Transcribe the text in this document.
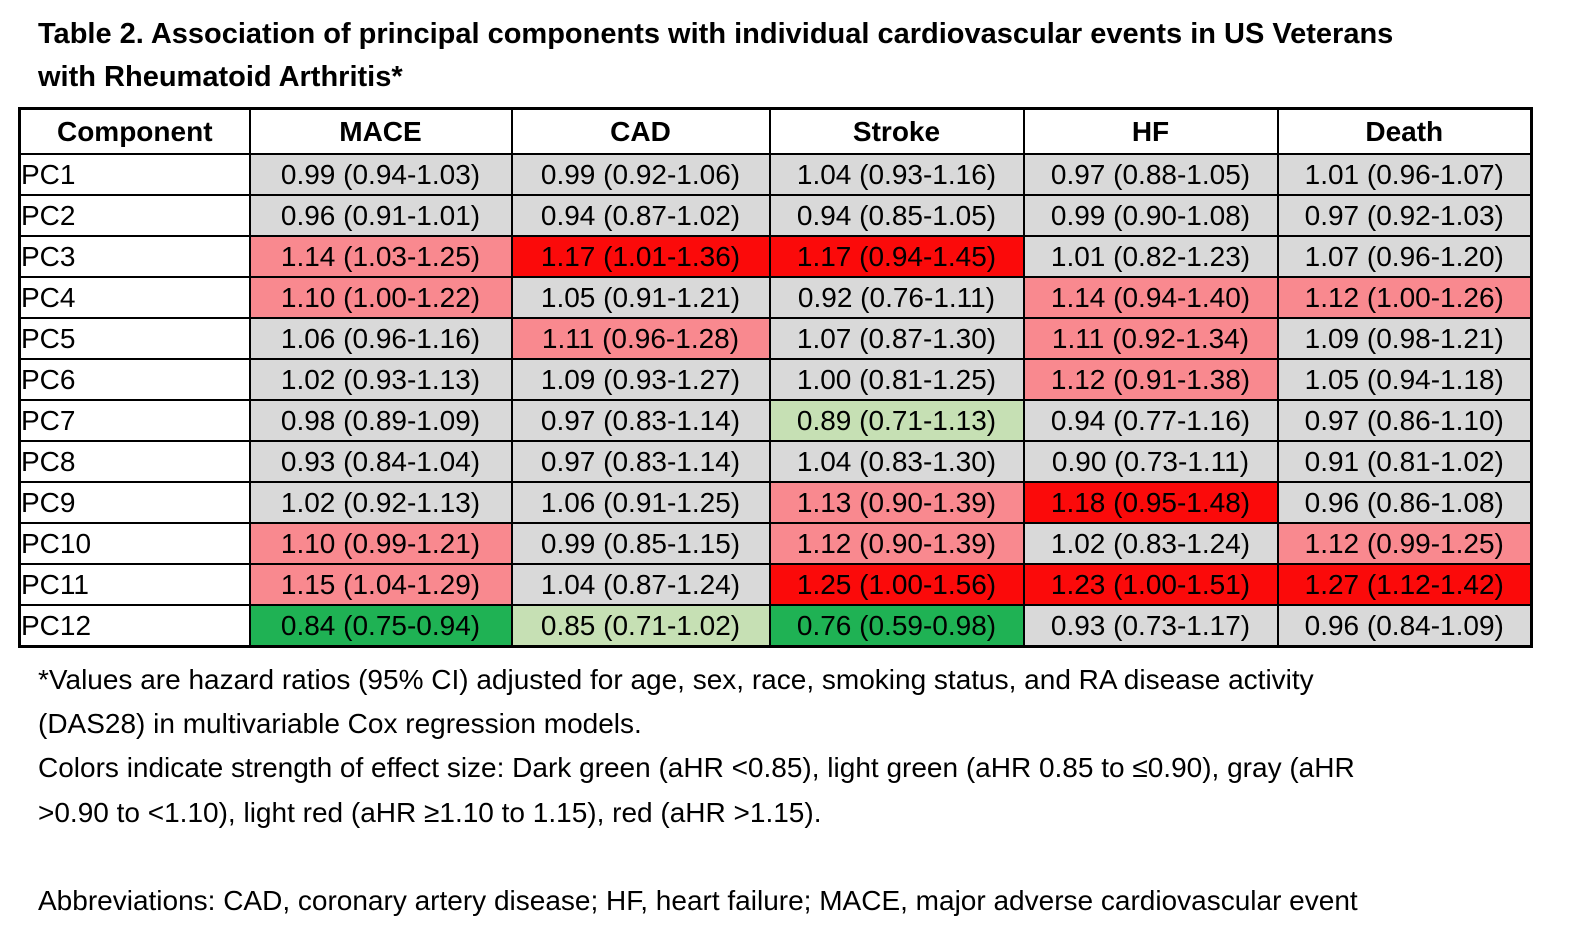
Table 2. Association of principal components with individual cardiovascular events in US Veterans
with Rheumatoid Arthritis*
Component	MACE	CAD	Stroke	HF	Death
PC1	0.99 (0.94-1.03)	0.99 (0.92-1.06)	1.04 (0.93-1.16)	0.97 (0.88-1.05)	1.01 (0.96-1.07)
PC2	0.96 (0.91-1.01)	0.94 (0.87-1.02)	0.94 (0.85-1.05)	0.99 (0.90-1.08)	0.97 (0.92-1.03)
PC3	1.14 (1.03-1.25)	1.17 (1.01-1.36)	1.17 (0.94-1.45)	1.01 (0.82-1.23)	1.07 (0.96-1.20)
PC4	1.10 (1.00-1.22)	1.05 (0.91-1.21)	0.92 (0.76-1.11)	1.14 (0.94-1.40)	1.12 (1.00-1.26)
PC5	1.06 (0.96-1.16)	1.11 (0.96-1.28)	1.07 (0.87-1.30)	1.11 (0.92-1.34)	1.09 (0.98-1.21)
PC6	1.02 (0.93-1.13)	1.09 (0.93-1.27)	1.00 (0.81-1.25)	1.12 (0.91-1.38)	1.05 (0.94-1.18)
PC7	0.98 (0.89-1.09)	0.97 (0.83-1.14)	0.89 (0.71-1.13)	0.94 (0.77-1.16)	0.97 (0.86-1.10)
PC8	0.93 (0.84-1.04)	0.97 (0.83-1.14)	1.04 (0.83-1.30)	0.90 (0.73-1.11)	0.91 (0.81-1.02)
PC9	1.02 (0.92-1.13)	1.06 (0.91-1.25)	1.13 (0.90-1.39)	1.18 (0.95-1.48)	0.96 (0.86-1.08)
PC10	1.10 (0.99-1.21)	0.99 (0.85-1.15)	1.12 (0.90-1.39)	1.02 (0.83-1.24)	1.12 (0.99-1.25)
PC11	1.15 (1.04-1.29)	1.04 (0.87-1.24)	1.25 (1.00-1.56)	1.23 (1.00-1.51)	1.27 (1.12-1.42)
PC12	0.84 (0.75-0.94)	0.85 (0.71-1.02)	0.76 (0.59-0.98)	0.93 (0.73-1.17)	0.96 (0.84-1.09)
*Values are hazard ratios (95% CI) adjusted for age, sex, race, smoking status, and RA disease activity
(DAS28) in multivariable Cox regression models.
Colors indicate strength of effect size: Dark green (aHR <0.85), light green (aHR 0.85 to ≤0.90), gray (aHR
>0.90 to <1.10), light red (aHR ≥1.10 to 1.15), red (aHR >1.15).
Abbreviations: CAD, coronary artery disease; HF, heart failure; MACE, major adverse cardiovascular event
